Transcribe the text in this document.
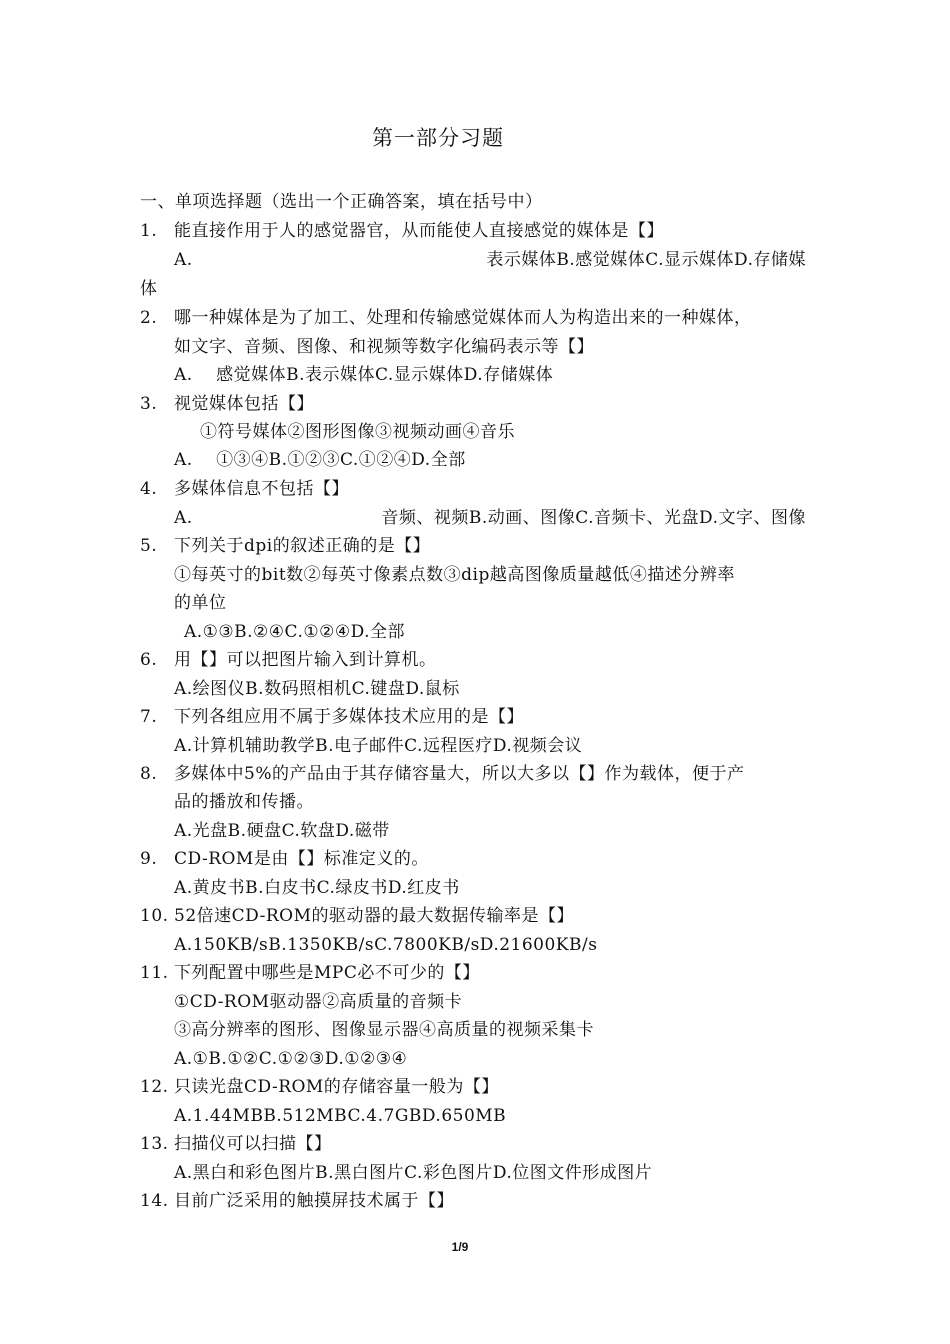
第一部分习题
一、单项选择题（选出一个正确答案，填在括号中）
1. 能直接作用于人的感觉器官，从而能使人直接感觉的媒体是【】
A.	表示媒体B.感觉媒体C.显示媒体D.存储媒
体
2. 哪一种媒体是为了加工、处理和传输感觉媒体而人为构造出来的一种媒体，
如文字、音频、图像、和视频等数字化编码表示等【】
A.　 感觉媒体B.表示媒体C.显示媒体D.存储媒体
3. 视觉媒体包括【】
①符号媒体②图形图像③视频动画④音乐
A.　 ①③④B.①②③C.①②④D.全部
4. 多媒体信息不包括【】
A.	音频、视频B.动画、图像C.音频卡、光盘D.文字、图像
5. 下列关于dpi的叙述正确的是【】
①每英寸的bit数②每英寸像素点数③dip越高图像质量越低④描述分辨率
的单位
A.①③B.②④C.①②④D.全部
6. 用【】可以把图片输入到计算机。
A.绘图仪B.数码照相机C.键盘D.鼠标
7. 下列各组应用不属于多媒体技术应用的是【】
A.计算机辅助教学B.电子邮件C.远程医疗D.视频会议
8. 多媒体中5%的产品由于其存储容量大，所以大多以【】作为载体，便于产
品的播放和传播。
A.光盘B.硬盘C.软盘D.磁带
9. CD-ROM是由【】标准定义的。
A.黄皮书B.白皮书C.绿皮书D.红皮书
10. 52倍速CD-ROM的驱动器的最大数据传输率是【】
A.150KB/sB.1350KB/sC.7800KB/sD.21600KB/s
11. 下列配置中哪些是MPC必不可少的【】
①CD-ROM驱动器②高质量的音频卡
③高分辨率的图形、图像显示器④高质量的视频采集卡
A.①B.①②C.①②③D.①②③④
12. 只读光盘CD-ROM的存储容量一般为【】
A.1.44MBB.512MBC.4.7GBD.650MB
13. 扫描仪可以扫描【】
A.黑白和彩色图片B.黑白图片C.彩色图片D.位图文件形成图片
14. 目前广泛采用的触摸屏技术属于【】
1/9
